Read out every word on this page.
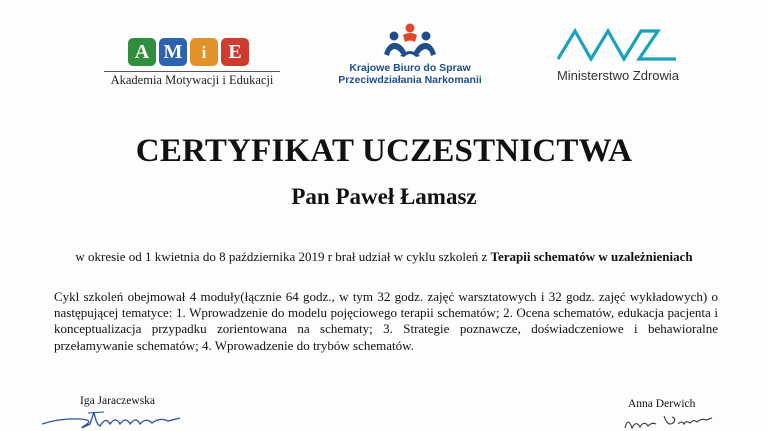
A M	i	E
Akademia Motywacji i Edukacji
Krajowe Biuro do Spraw
Przeciwdziałania Narkomanii	Ministerstwo Zdrowia
CERTYFIKAT UCZESTNICTWA
Pan Paweł Łamasz
w okresie od 1 kwietnia do 8 października 2019 r brał udział w cyklu szkoleń z Terapii schematów w uzależnieniach

Cykl szkoleń obejmował 4 moduły(łącznie 64 godz., w tym 32 godz. zajęć warsztatowych i 32 godz. zajęć wykładowych) o następującej tematyce: 1. Wprowadzenie do modelu pojęciowego terapii schematów; 2. Ocena schematów, edukacja pacjenta i konceptualizacja przypadku zorientowana na schematy; 3. Strategie poznawcze, doświadczeniowe i behawioralne przełamywanie schematów; 4. Wprowadzenie do trybów schematów.

Iga Jaraczewska	Anna Derwich
